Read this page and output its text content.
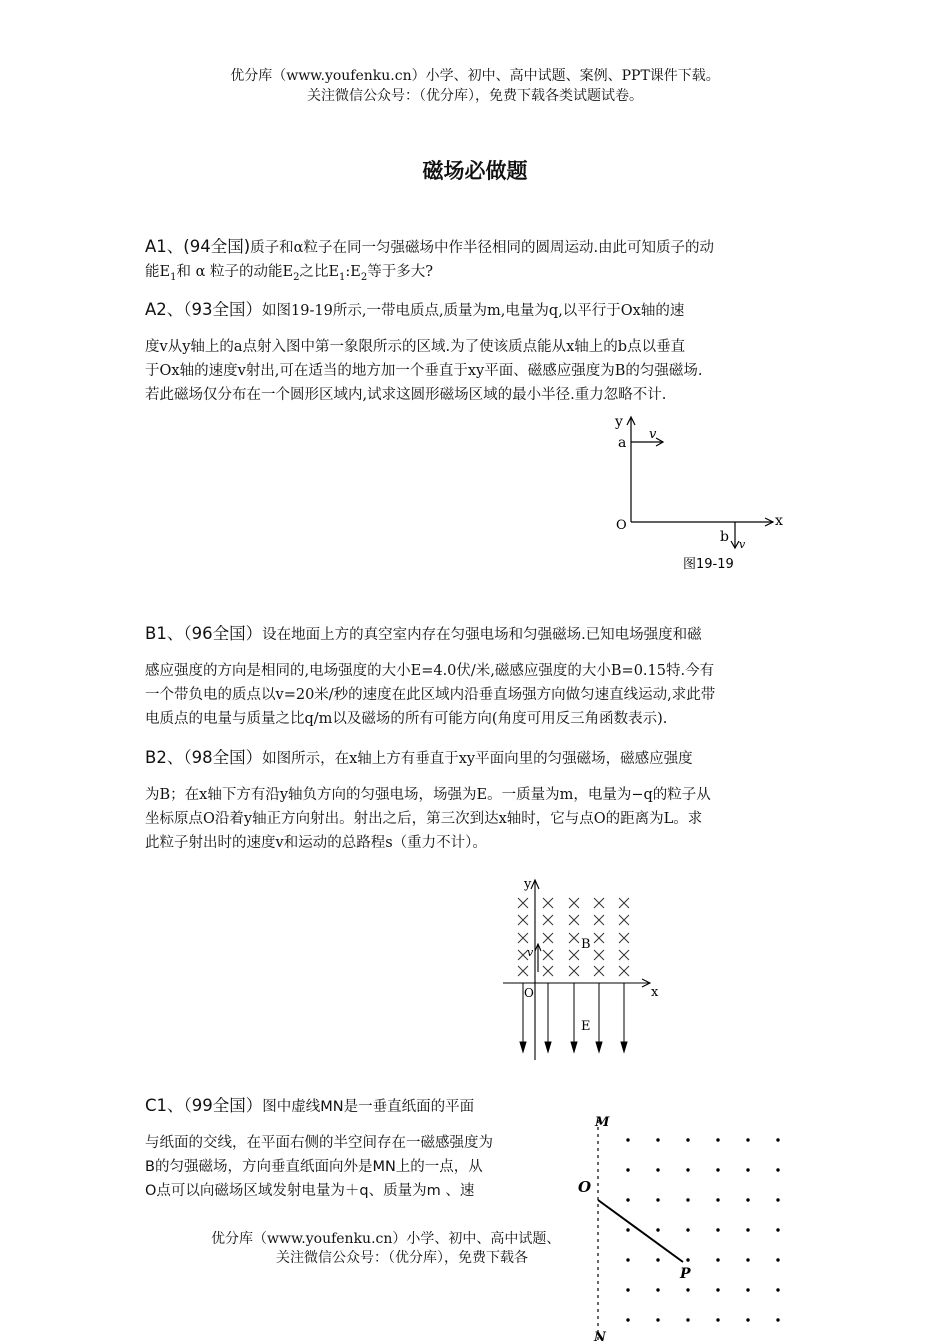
优分库（www.youfenku.cn）小学、初中、高中试题、案例、PPT课件下载。
关注微信公众号：（优分库），免费下载各类试题试卷。
磁场必做题
A1、(94全国)质子和α粒子在同一匀强磁场中作半径相同的圆周运动.由此可知质子的动
能$E_1$和 α 粒子的动能$E_2$之比$E_1:E_2$等于多大?
A2、（93全国）如图19-19所示,一带电质点,质量为m,电量为q,以平行于Ox轴的速
度v从y轴上的a点射入图中第一象限所示的区域.为了使该质点能从x轴上的b点以垂直
于Ox轴的速度v射出,可在适当的地方加一个垂直于xy平面、磁感应强度为B的匀强磁场.
若此磁场仅分布在一个圆形区域内,试求这圆形磁场区域的最小半径.重力忽略不计.
y
a
v
O	x
b v
图19-19
B1、（96全国）设在地面上方的真空室内存在匀强电场和匀强磁场.已知电场强度和磁
感应强度的方向是相同的,电场强度的大小E=4.0伏/米,磁感应强度的大小B=0.15特.今有
一个带负电的质点以v=20米/秒的速度在此区域内沿垂直场强方向做匀速直线运动,求此带
电质点的电量与质量之比q/m以及磁场的所有可能方向(角度可用反三角函数表示).
B2、（98全国）如图所示，在x轴上方有垂直于xy平面向里的匀强磁场，磁感应强度
为B；在x轴下方有沿y轴负方向的匀强电场，场强为E。一质量为m，电量为−q的粒子从
坐标原点O沿着y轴正方向射出。射出之后，第三次到达x轴时，它与点O的距离为L。求
此粒子射出时的速度v和运动的总路程s（重力不计）。
y
v
B
O	x
E
C1、（99全国）图中虚线MN是一垂直纸面的平面
与纸面的交线，在平面右侧的半空间存在一磁感强度为
B的匀强磁场，方向垂直纸面向外是MN上的一点，从
O点可以向磁场区域发射电量为＋q、质量为m 、速
优分库（www.youfenku.cn）小学、初中、高中试题、
关注微信公众号：（优分库），免费下载各
M
O
P
N
